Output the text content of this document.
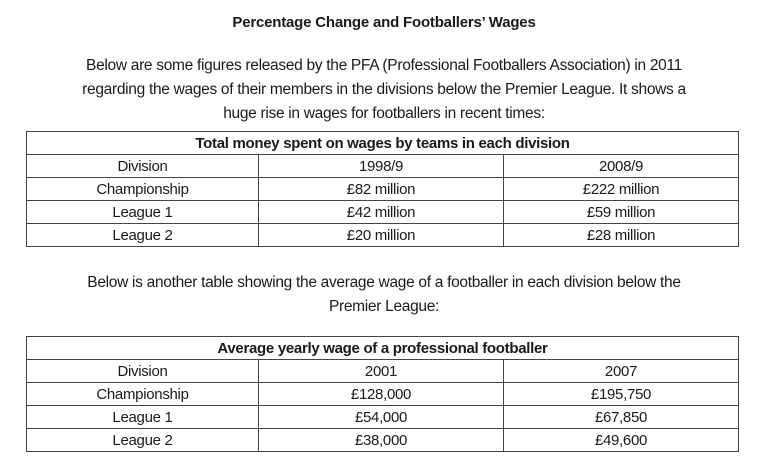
Percentage Change and Footballers’ Wages
Below are some figures released by the PFA (Professional Footballers Association) in 2011
regarding the wages of their members in the divisions below the Premier League. It shows a
huge rise in wages for footballers in recent times:
Total money spent on wages by teams in each division		
Division	1998/9	2008/9
Championship	£82 million	£222 million
League 1	£42 million	£59 million
League 2	£20 million	£28 million
Below is another table showing the average wage of a footballer in each division below the
Premier League:
Average yearly wage of a professional footballer		
Division	2001	2007
Championship	£128,000	£195,750
League 1	£54,000	£67,850
League 2	£38,000	£49,600
